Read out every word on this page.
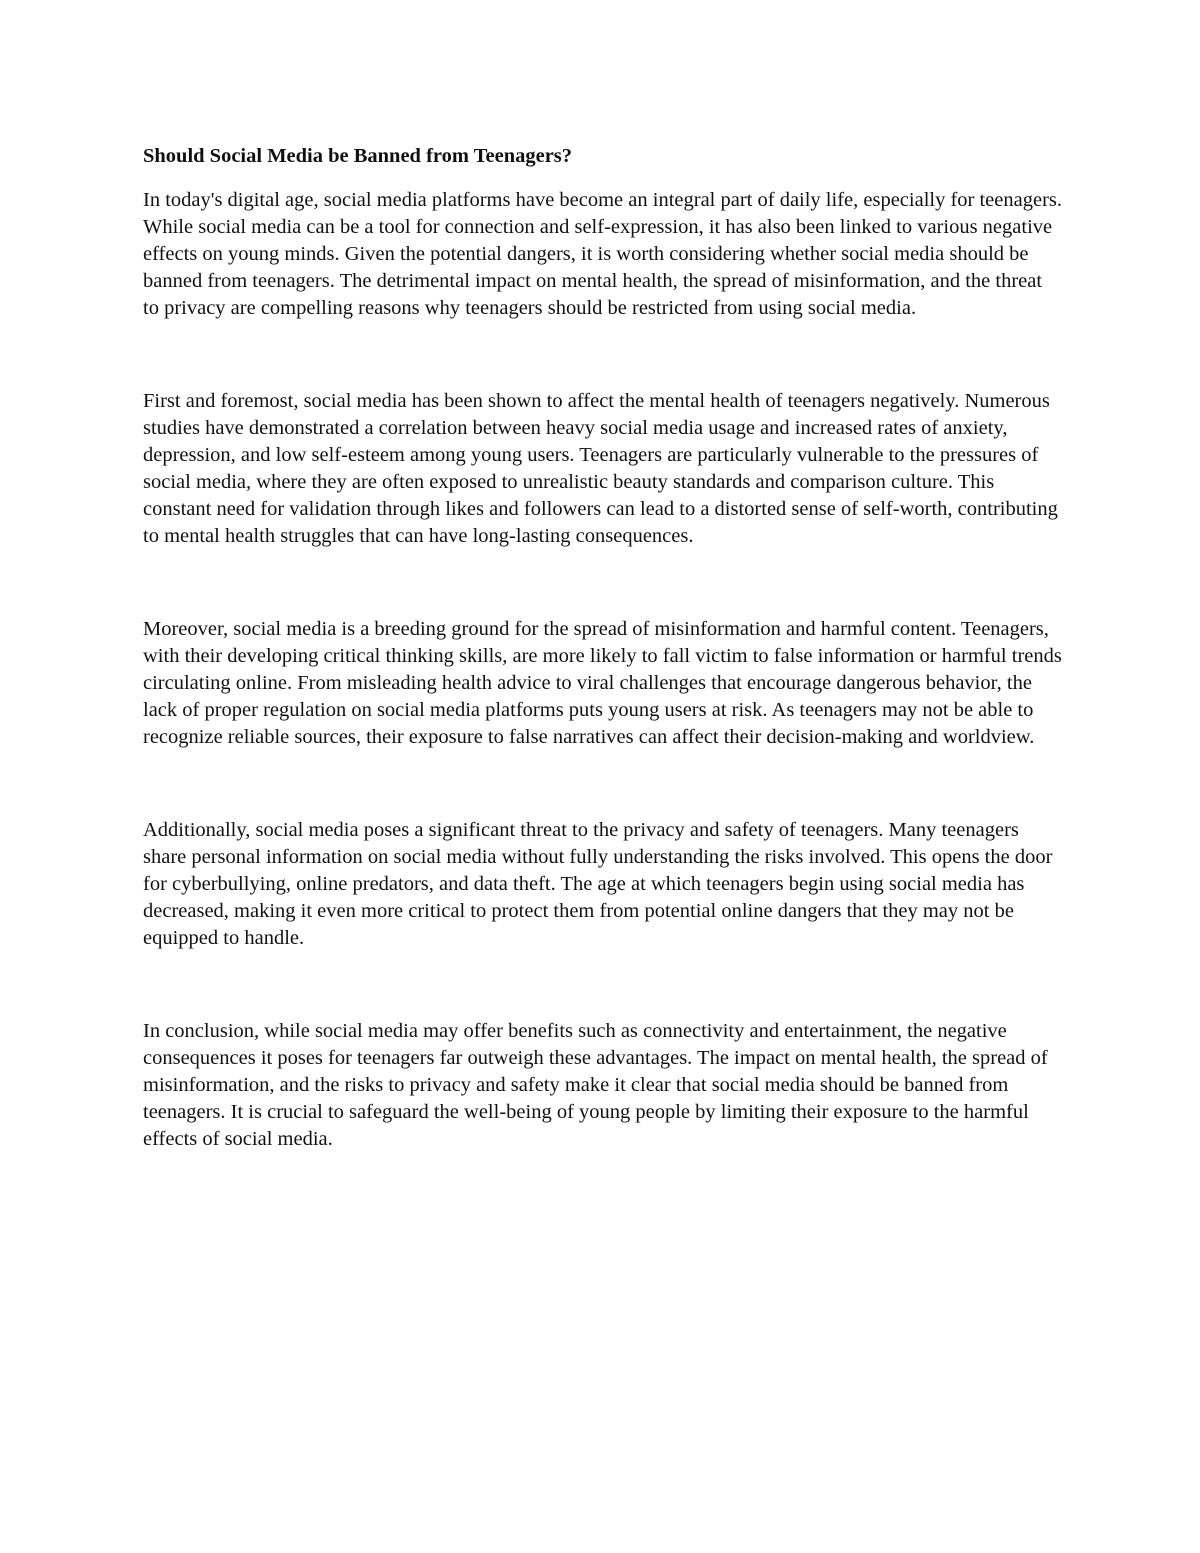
Should Social Media be Banned from Teenagers?

In today's digital age, social media platforms have become an integral part of daily life, especially for teenagers. While social media can be a tool for connection and self-expression, it has also been linked to various negative effects on young minds. Given the potential dangers, it is worth considering whether social media should be banned from teenagers. The detrimental impact on mental health, the spread of misinformation, and the threat to privacy are compelling reasons why teenagers should be restricted from using social media.

First and foremost, social media has been shown to affect the mental health of teenagers negatively. Numerous studies have demonstrated a correlation between heavy social media usage and increased rates of anxiety, depression, and low self-esteem among young users. Teenagers are particularly vulnerable to the pressures of social media, where they are often exposed to unrealistic beauty standards and comparison culture. This constant need for validation through likes and followers can lead to a distorted sense of self-worth, contributing to mental health struggles that can have long-lasting consequences.

Moreover, social media is a breeding ground for the spread of misinformation and harmful content. Teenagers, with their developing critical thinking skills, are more likely to fall victim to false information or harmful trends circulating online. From misleading health advice to viral challenges that encourage dangerous behavior, the lack of proper regulation on social media platforms puts young users at risk. As teenagers may not be able to recognize reliable sources, their exposure to false narratives can affect their decision-making and worldview.

Additionally, social media poses a significant threat to the privacy and safety of teenagers. Many teenagers share personal information on social media without fully understanding the risks involved. This opens the door for cyberbullying, online predators, and data theft. The age at which teenagers begin using social media has decreased, making it even more critical to protect them from potential online dangers that they may not be equipped to handle.

In conclusion, while social media may offer benefits such as connectivity and entertainment, the negative consequences it poses for teenagers far outweigh these advantages. The impact on mental health, the spread of misinformation, and the risks to privacy and safety make it clear that social media should be banned from teenagers. It is crucial to safeguard the well-being of young people by limiting their exposure to the harmful effects of social media.
